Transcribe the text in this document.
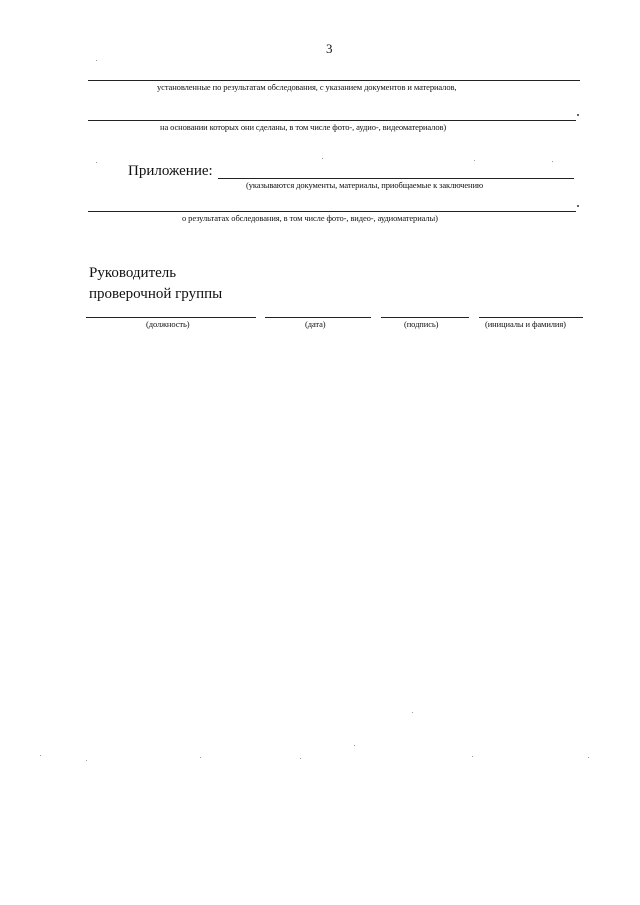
3
установленные по результатам обследования, с указанием документов и материалов,
на основании которых они сделаны, в том числе фото-, аудио-, видеоматериалов)
Приложение:
(указываются документы, материалы, приобщаемые к заключению
о результатах обследования, в том числе фото-, видео-, аудиоматериалы)
Руководитель
проверочной группы
(должность)	(дата)	(подпись)	(инициалы и фамилия)
